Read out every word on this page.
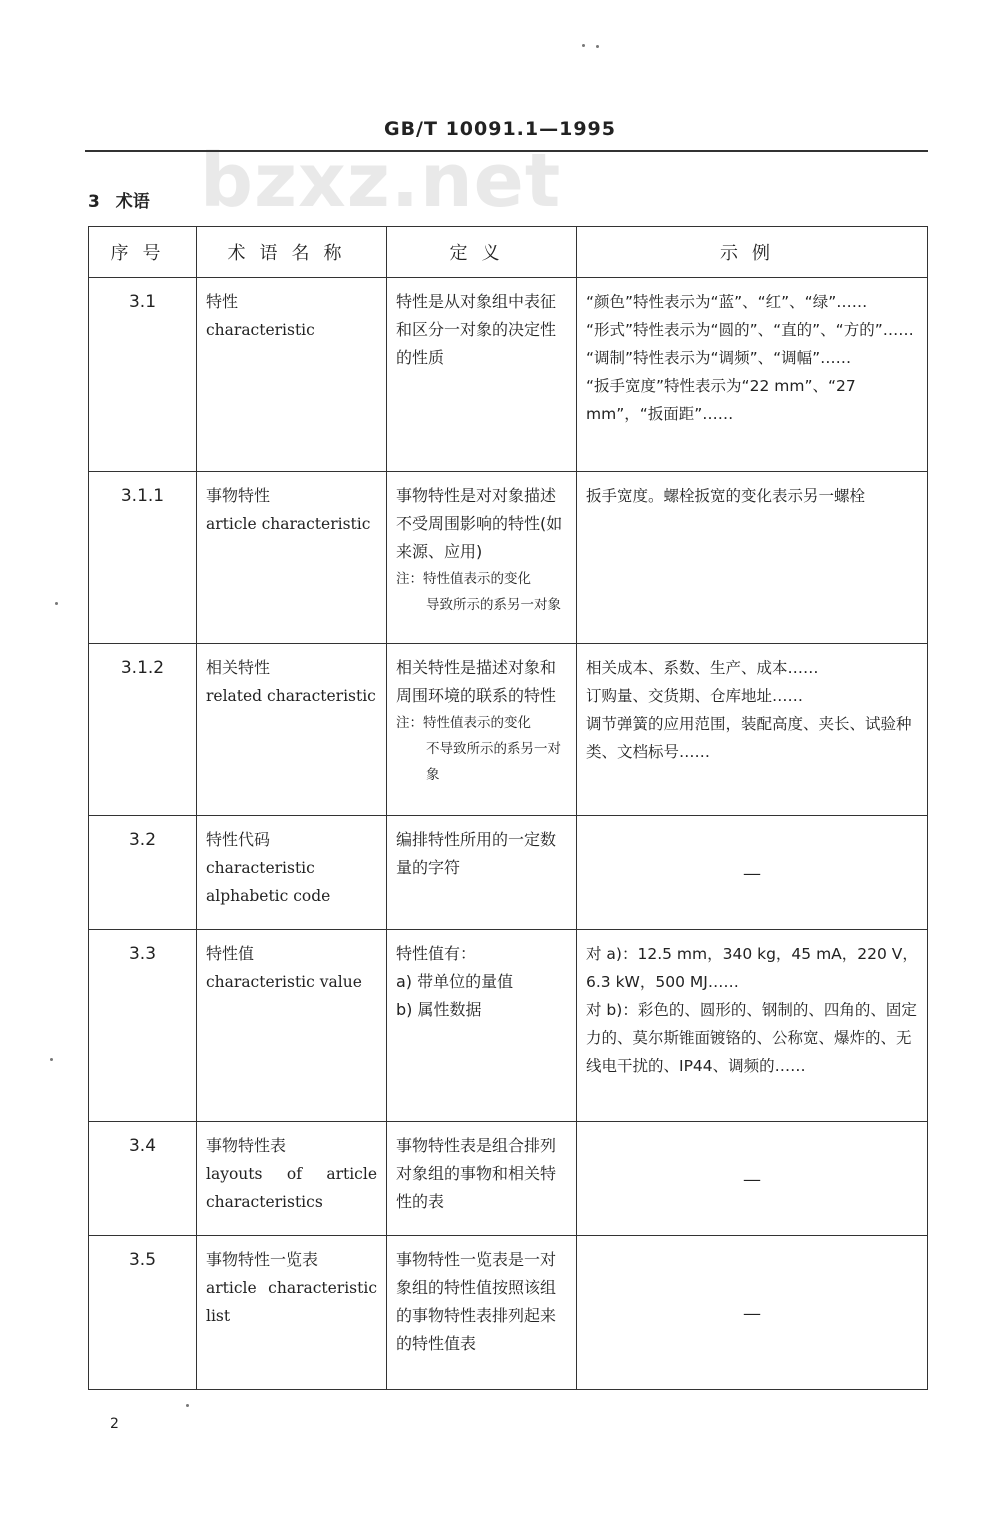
GB/T 10091.1—1995
bzxz.net
3 术语
序号	术语名称	定义	示例
3.1	特性
characteristic	特性是从对象组中表征和区分一对象的决定性的性质	“颜色”特性表示为“蓝”、“红”、“绿”……
“形式”特性表示为“圆的”、“直的”、“方的”……
“调制”特性表示为“调频”、“调幅”……
“扳手宽度”特性表示为“22 mm”、“27 mm”，“扳面距”……

3.1.1	事物特性
article characteristic	事物特性是对对象描述不受周围影响的特性(如来源、应用)
注：特性值表示的变化
导致所示的系另一对象	扳手宽度。螺栓扳宽的变化表示另一螺栓

3.1.2	相关特性
related characteristic	相关特性是描述对象和周围环境的联系的特性
注：特性值表示的变化
不导致所示的系另一对象	相关成本、系数、生产、成本……
订购量、交货期、仓库地址……
调节弹簧的应用范围，装配高度、夹长、试验种类、文档标号……

3.2	特性代码
characteristic alphabetic code	编排特性所用的一定数量的字符	—
3.3	特性值
characteristic value	特性值有：
a) 带单位的量值
b) 属性数据	对 a)：12.5 mm，340 kg，45 mA，220 V，6.3 kW，500 MJ……
对 b)：彩色的、圆形的、钢制的、四角的、固定力的、莫尔斯锥面镀铬的、公称宽、爆炸的、无线电干扰的、IP44、调频的……

3.4	事物特性表
layouts of article characteristics	事物特性表是组合排列对象组的事物和相关特性的表	—
3.5	事物特性一览表
article characteristic list	事物特性一览表是一对象组的特性值按照该组的事物特性表排列起来的特性值表	—
2
